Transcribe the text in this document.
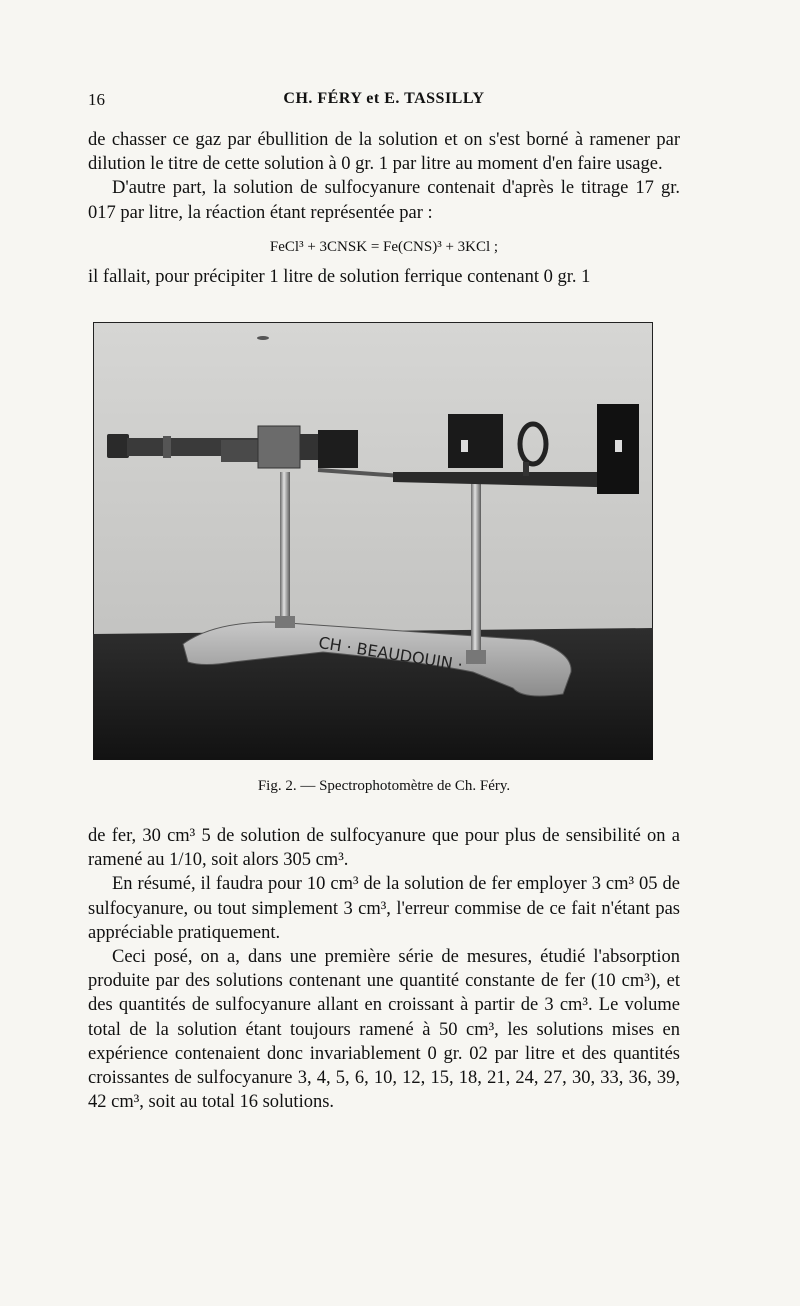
16	CH. FÉRY et E. TASSILLY

de chasser ce gaz par ébullition de la solution et on s'est borné à ramener par dilution le titre de cette solution à 0 gr. 1 par litre au moment d'en faire usage.

D'autre part, la solution de sulfocyanure contenait d'après le titrage 17 gr. 017 par litre, la réaction étant représentée par :

FeCl³ + 3CNSK = Fe(CNS)³ + 3KCl ;

il fallait, pour précipiter 1 litre de solution ferrique contenant 0 gr. 1

CH · BEAUDOUIN ·
Fig. 2. — Spectrophotomètre de Ch. Féry.

de fer, 30 cm³ 5 de solution de sulfocyanure que pour plus de sensibilité on a ramené au 1/10, soit alors 305 cm³.

En résumé, il faudra pour 10 cm³ de la solution de fer employer 3 cm³ 05 de sulfocyanure, ou tout simplement 3 cm³, l'erreur commise de ce fait n'étant pas appréciable pratiquement.

Ceci posé, on a, dans une première série de mesures, étudié l'absorption produite par des solutions contenant une quantité constante de fer (10 cm³), et des quantités de sulfocyanure allant en croissant à partir de 3 cm³. Le volume total de la solution étant toujours ramené à 50 cm³, les solutions mises en expérience contenaient donc invariablement 0 gr. 02 par litre et des quantités croissantes de sulfocyanure 3, 4, 5, 6, 10, 12, 15, 18, 21, 24, 27, 30, 33, 36, 39, 42 cm³, soit au total 16 solutions.
